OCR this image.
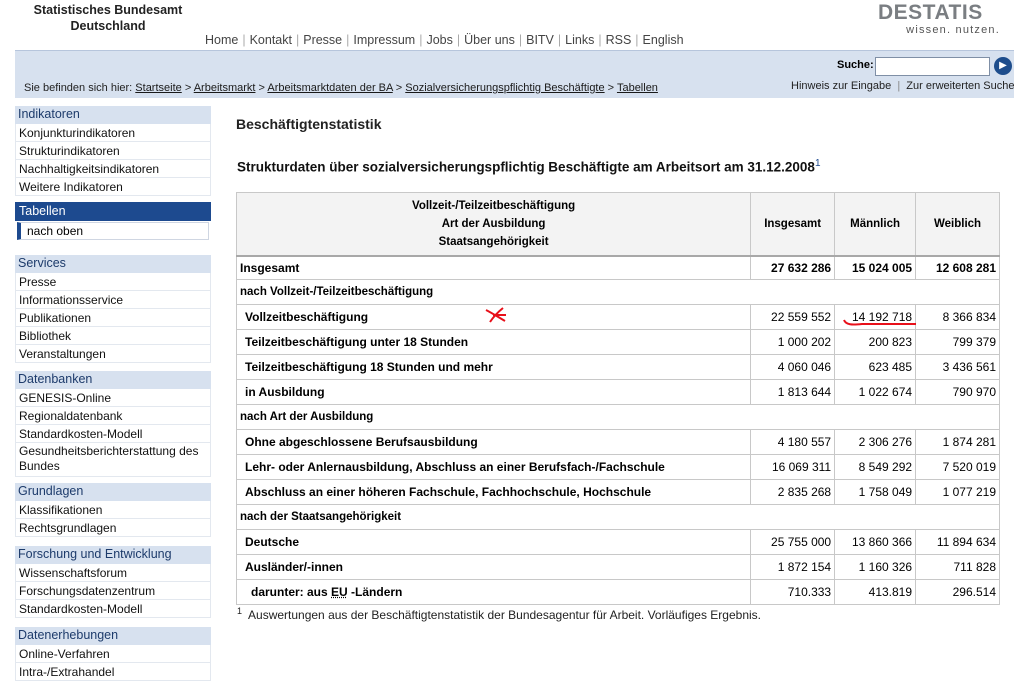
Statistisches Bundesamt
Deutschland
DESTATIS
wissen. nutzen.
Home | Kontakt | Presse | Impressum | Jobs | Über uns | BITV | Links | RSS | English
Suche:	▶
Sie befinden sich hier: Startseite > Arbeitsmarkt > Arbeitsmarktdaten der BA > Sozialversicherungspflichtig Beschäftigte > Tabellen	Hinweis zur Eingabe | Zur erweiterten Suche
Indikatoren
Konjunkturindikatoren
Strukturindikatoren
Nachhaltigkeitsindikatoren
Weitere Indikatoren
Tabellen
nach oben
Services
Presse
Informationsservice
Publikationen
Bibliothek
Veranstaltungen
Datenbanken
GENESIS-Online
Regionaldatenbank
Standardkosten-Modell
Gesundheitsberichterstattung des Bundes
Grundlagen
Klassifikationen
Rechtsgrundlagen
Forschung und Entwicklung
Wissenschaftsforum
Forschungsdatenzentrum
Standardkosten-Modell
Datenerhebungen
Online-Verfahren
Intra-/Extrahandel
Beschäftigtenstatistik
Strukturdaten über sozialversicherungspflichtig Beschäftigte am Arbeitsort am 31.12.2008$^1$
Vollzeit-/Teilzeitbeschäftigung
Art der Ausbildung
Staatsangehörigkeit	Insgesamt	Männlich	Weiblich
Insgesamt	27 632 286	15 024 005	12 608 281
nach Vollzeit-/Teilzeitbeschäftigung			
Vollzeitbeschäftigung	22 559 552	14 192 718	8 366 834
Teilzeitbeschäftigung unter 18 Stunden	1 000 202	200 823	799 379
Teilzeitbeschäftigung 18 Stunden und mehr	4 060 046	623 485	3 436 561
in Ausbildung	1 813 644	1 022 674	790 970
nach Art der Ausbildung			
Ohne abgeschlossene Berufsausbildung	4 180 557	2 306 276	1 874 281
Lehr- oder Anlernausbildung, Abschluss an einer Berufsfach-/Fachschule	16 069 311	8 549 292	7 520 019
Abschluss an einer höheren Fachschule, Fachhochschule, Hochschule	2 835 268	1 758 049	1 077 219
nach der Staatsangehörigkeit			
Deutsche	25 755 000	13 860 366	11 894 634
Ausländer/-innen	1 872 154	1 160 326	711 828
darunter: aus EU -Ländern	710.333	413.819	296.514
$^1$ Auswertungen aus der Beschäftigtenstatistik der Bundesagentur für Arbeit. Vorläufiges Ergebnis.
